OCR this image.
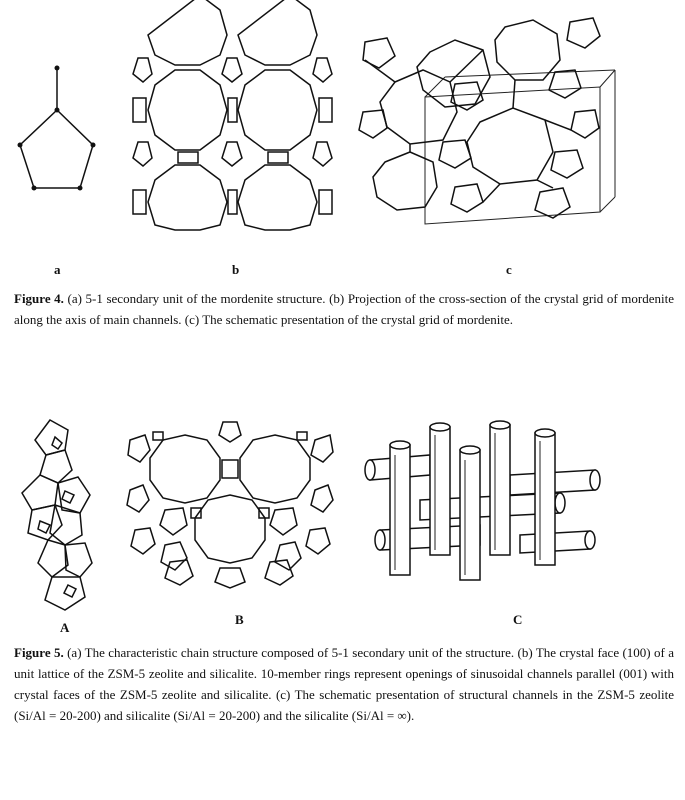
a	b	c
Figure 4. (a) 5-1 secondary unit of the mordenite structure. (b) Projection of the cross-section of the crystal grid of mordenite along the axis of main channels. (c) The schematic presentation of the crystal grid of mordenite.
A
B	C
Figure 5. (a) The characteristic chain structure composed of 5-1 secondary unit of the structure. (b) The crystal face (100) of a unit lattice of the ZSM-5 zeolite and silicalite. 10-member rings represent openings of sinusoidal channels parallel (001) with crystal faces of the ZSM-5 zeolite and silicalite. (c) The schematic presentation of structural channels in the ZSM-5 zeolite (Si/Al = 20-200) and silicalite (Si/Al = 20-200) and the silicalite (Si/Al = ∞).
